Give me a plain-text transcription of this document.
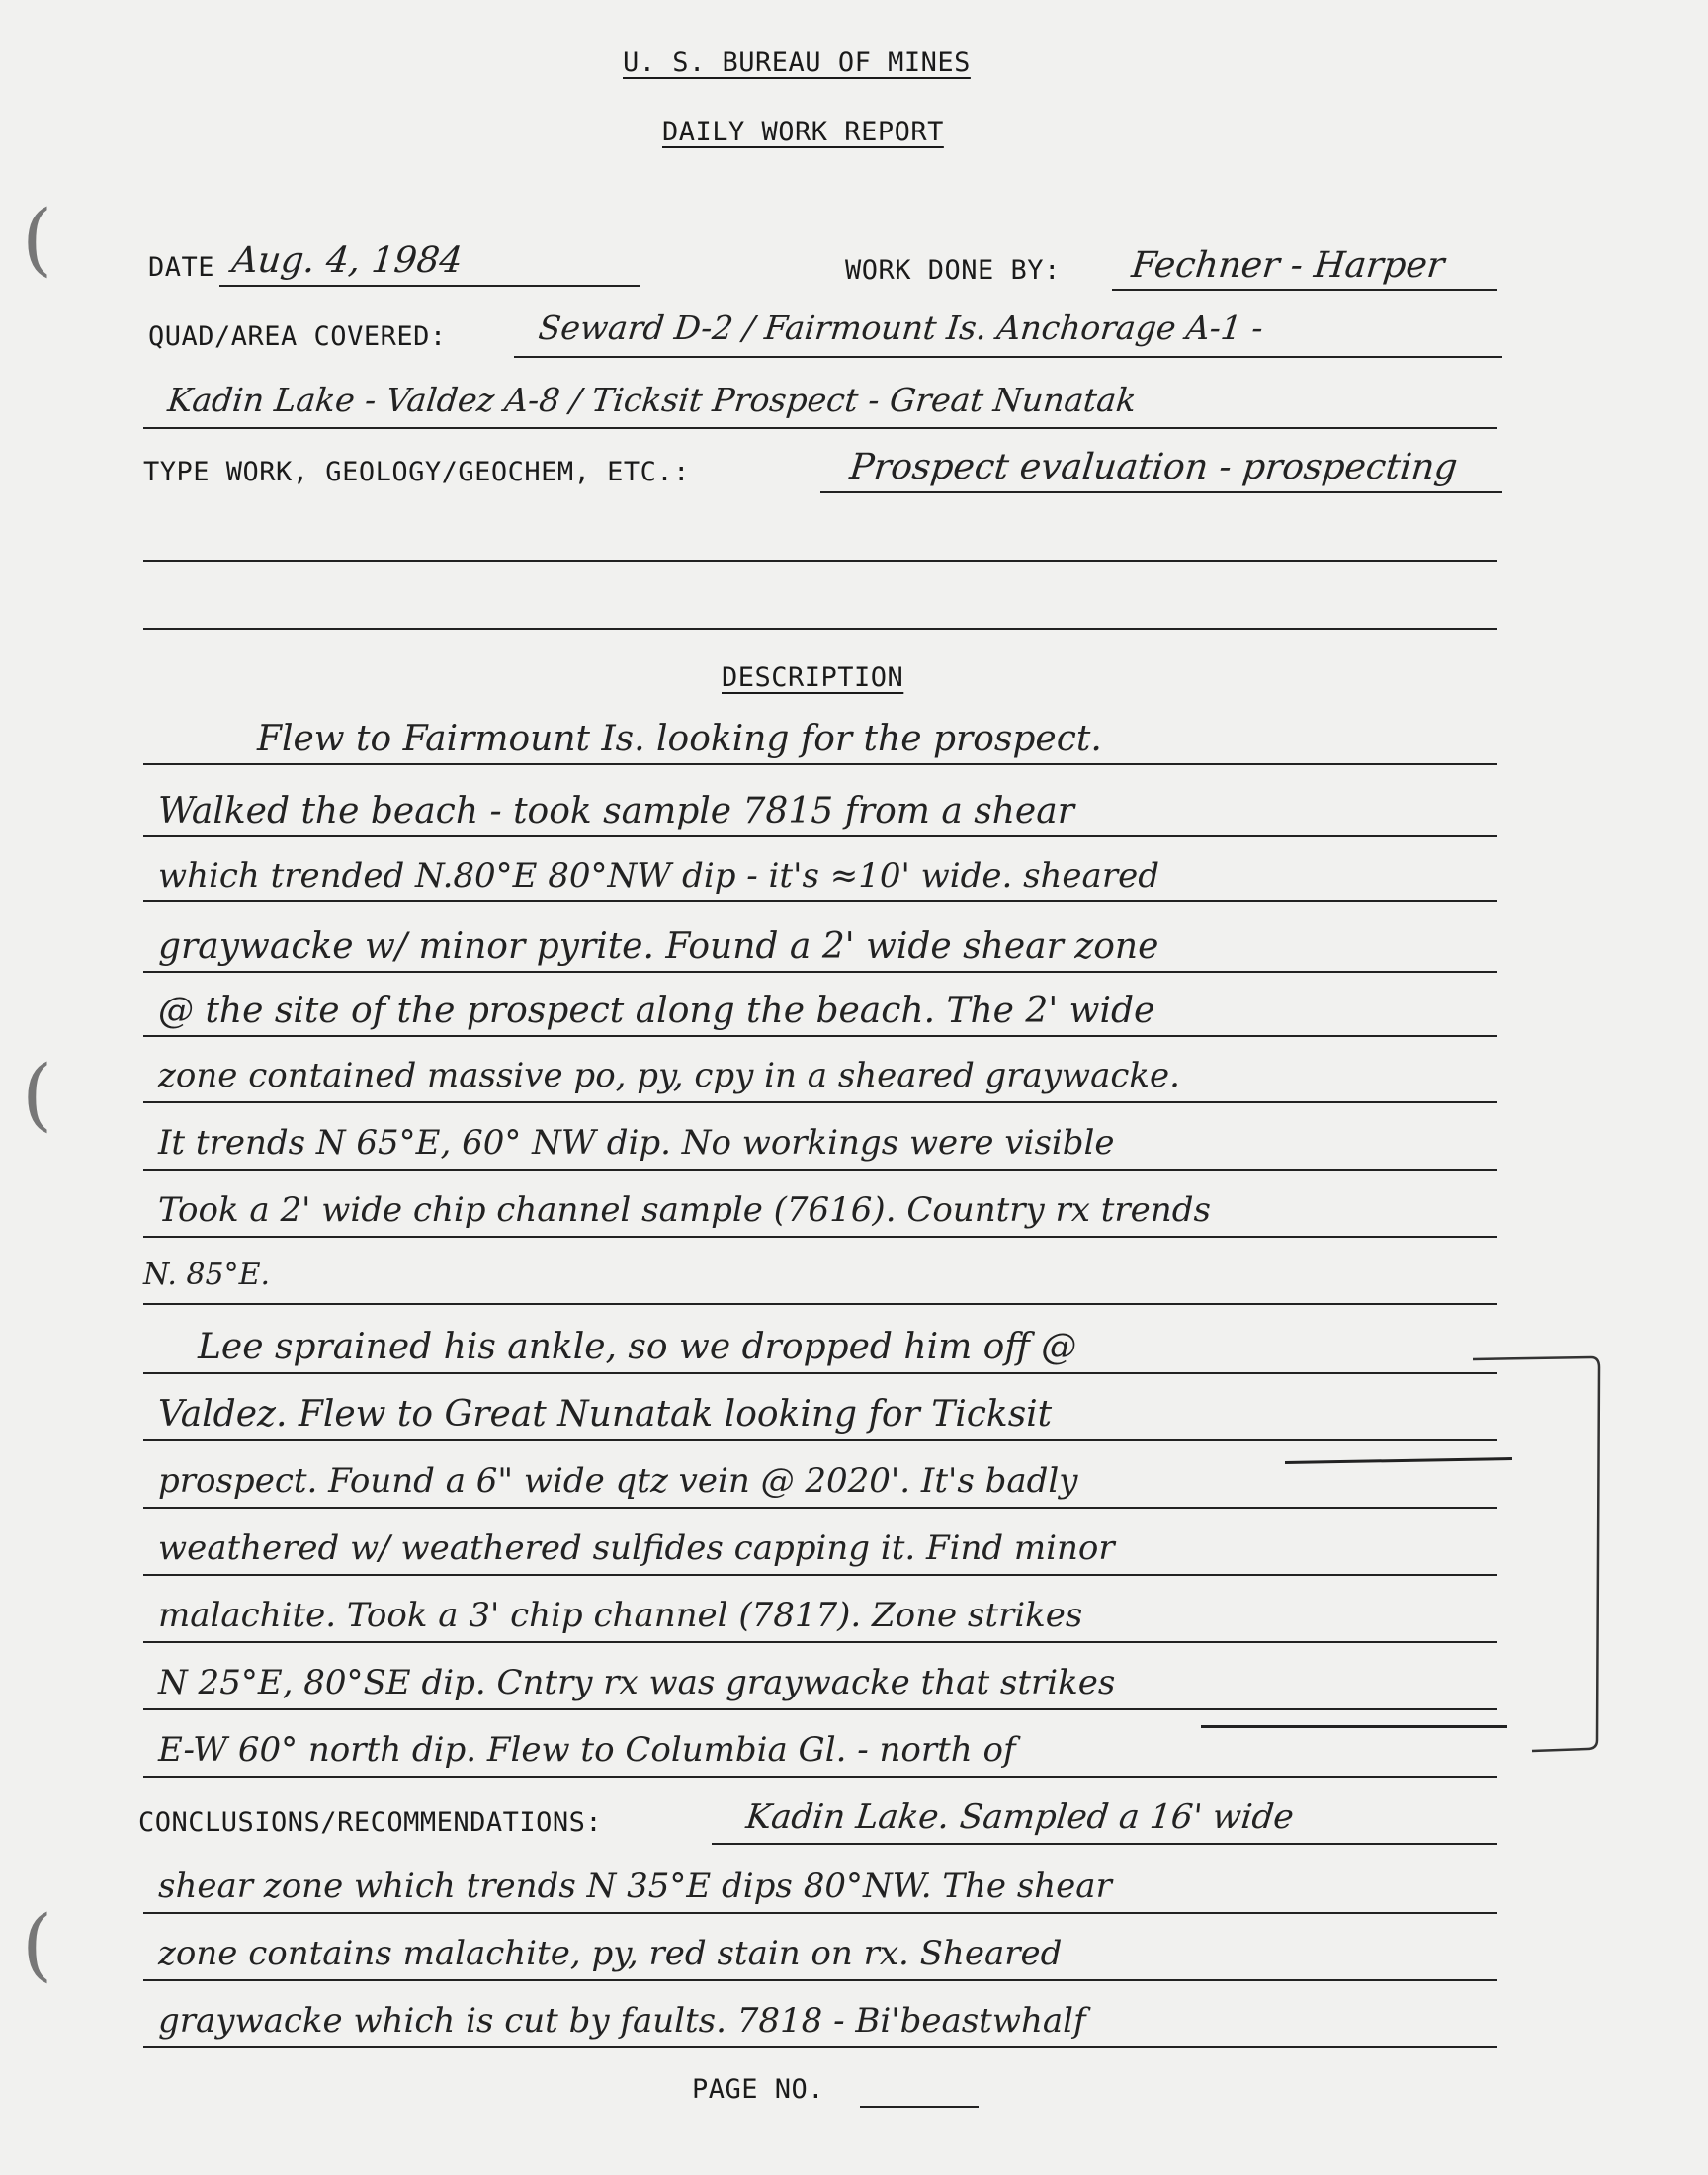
(
(
(
U. S. BUREAU OF MINES
DAILY WORK REPORT
DATE Aug. 4, 1984	WORK DONE BY: Fechner - Harper
QUAD/AREA COVERED:	Seward D-2 / Fairmount Is. Anchorage A-1 -
Kadin Lake - Valdez A-8 / Ticksit Prospect - Great Nunatak
TYPE WORK, GEOLOGY/GEOCHEM, ETC.:	Prospect evaluation - prospecting
DESCRIPTION
Flew to Fairmount Is. looking for the prospect.
Walked the beach - took sample 7815 from a shear
which trended N.80°E 80°NW dip - it's ≈10' wide. sheared
graywacke w/ minor pyrite. Found a 2' wide shear zone
@ the site of the prospect along the beach. The 2' wide
zone contained massive po, py, cpy in a sheared graywacke.
It trends N 65°E, 60° NW dip. No workings were visible
Took a 2' wide chip channel sample (7616). Country rx trends
N. 85°E.
Lee sprained his ankle, so we dropped him off @
Valdez. Flew to Great Nunatak looking for Ticksit
prospect. Found a 6" wide qtz vein @ 2020'. It's badly
weathered w/ weathered sulfides capping it. Find minor
malachite. Took a 3' chip channel (7817). Zone strikes
N 25°E, 80°SE dip. Cntry rx was graywacke that strikes
E-W 60° north dip. Flew to Columbia Gl. - north of
CONCLUSIONS/RECOMMENDATIONS:	Kadin Lake. Sampled a 16' wide
shear zone which trends N 35°E dips 80°NW. The shear
zone contains malachite, py, red stain on rx. Sheared
graywacke which is cut by faults. 7818 - Bi'beastwhalf
PAGE NO.
